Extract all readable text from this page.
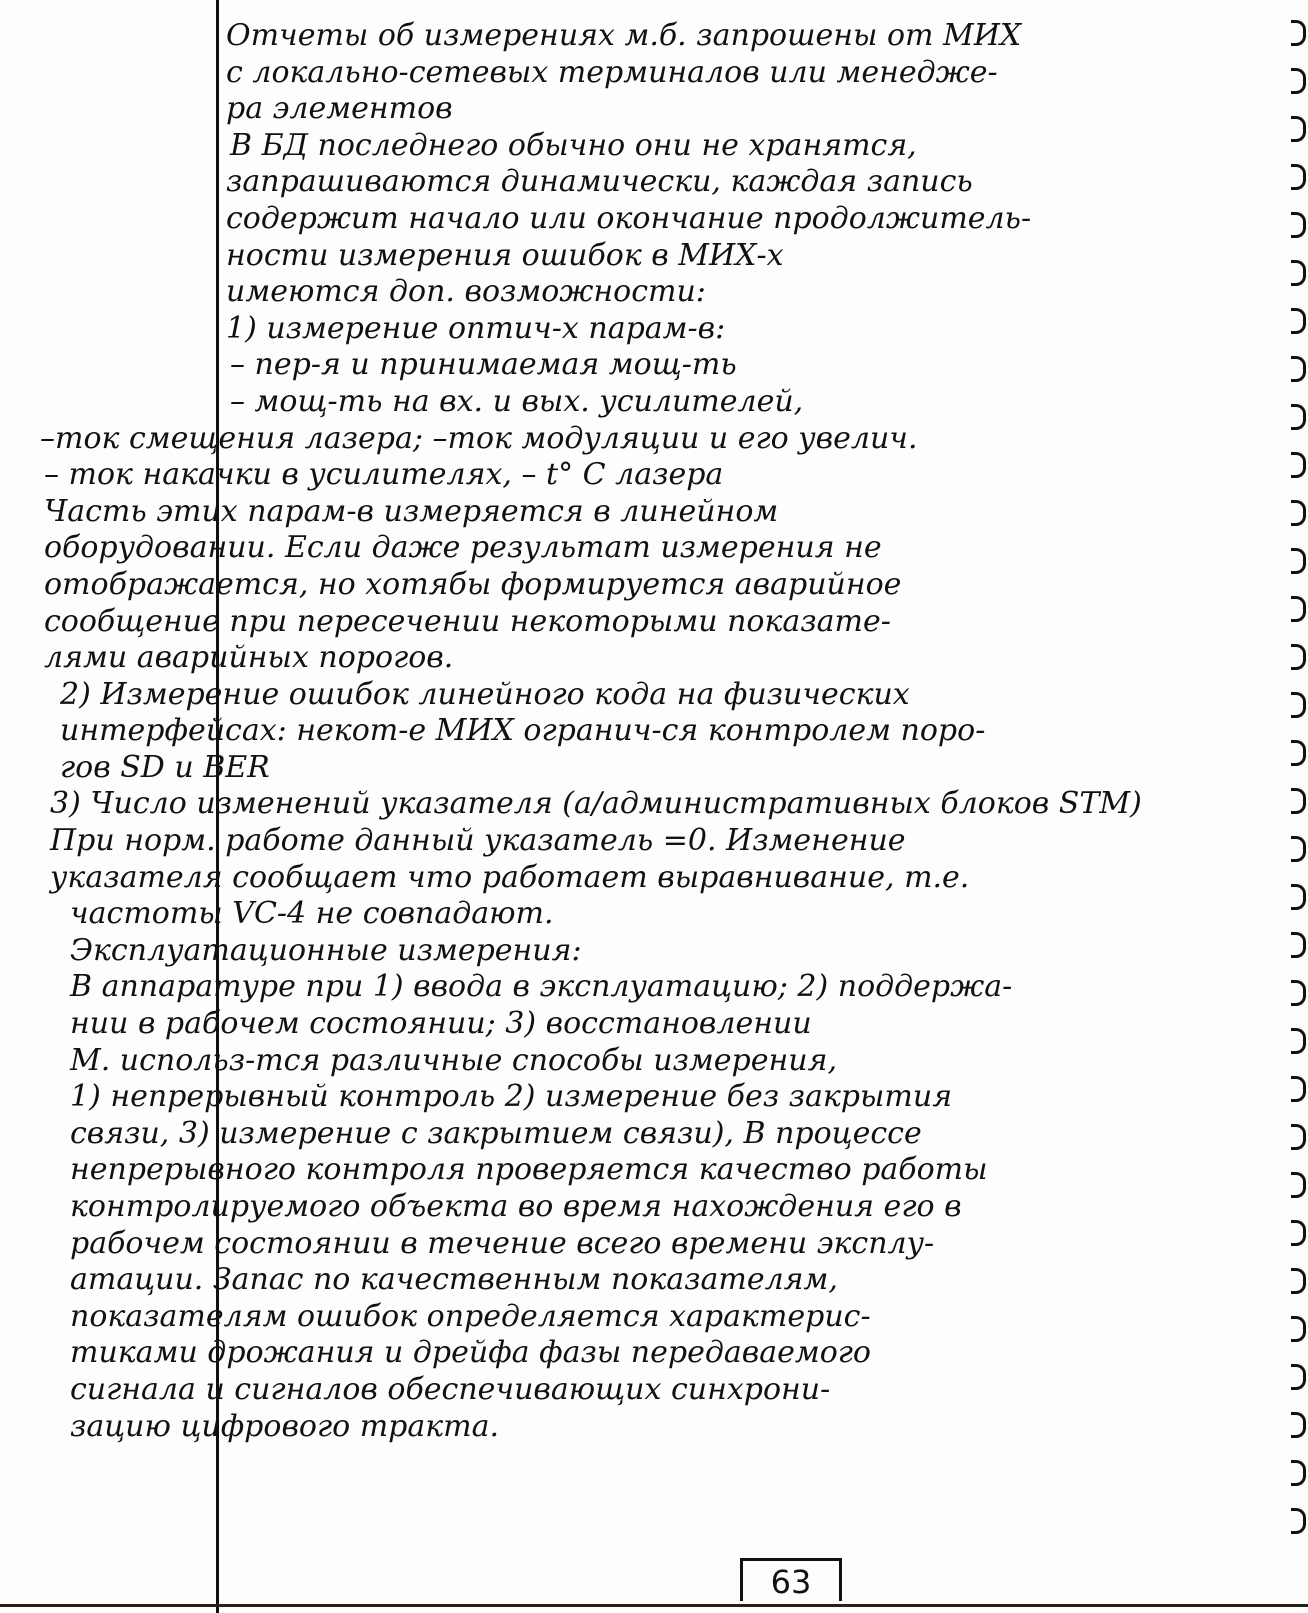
Отчеты об измерениях м.б. запрошены от МИХ
с локально-сетевых терминалов или менедже-
ра элементов
В БД последнего обычно они не хранятся,
запрашиваются динамически, каждая запись
содержит начало или окончание продолжитель-
ности измерения ошибок в МИХ-х
имеются доп. возможности:
1) измерение оптич-х парам-в:
– пер-я и принимаемая мощ-ть
– мощ-ть на вх. и вых. усилителей,
–ток смещения лазера; –ток модуляции и его увелич.
– ток накачки в усилителях, – t° С лазера
Часть этих парам-в измеряется в линейном
оборудовании. Если даже результат измерения не
отображается, но хотябы формируется аварийное
сообщение при пересечении некоторыми показате-
лями аварийных порогов.
2) Измерение ошибок линейного кода на физических
интерфейсах: некот-е МИХ огранич-ся контролем поро-
гов SD и BER
3) Число изменений указателя (а/административных блоков STM)
При норм. работе данный указатель =0. Изменение
указателя сообщает что работает выравнивание, т.е.
частоты VC-4 не совпадают.
Эксплуатационные измерения:
В аппаратуре при 1) ввода в эксплуатацию; 2) поддержа-
нии в рабочем состоянии; 3) восстановлении
М. использ-тся различные способы измерения,
1) непрерывный контроль 2) измерение без закрытия
связи, 3) измерение с закрытием связи), В процессе
непрерывного контроля проверяется качество работы
контролируемого объекта во время нахождения его в
рабочем состоянии в течение всего времени эксплу-
атации. Запас по качественным показателям,
показателям ошибок определяется характерис-
тиками дрожания и дрейфа фазы передаваемого
сигнала и сигналов обеспечивающих синхрони-
зацию цифрового тракта.
63
